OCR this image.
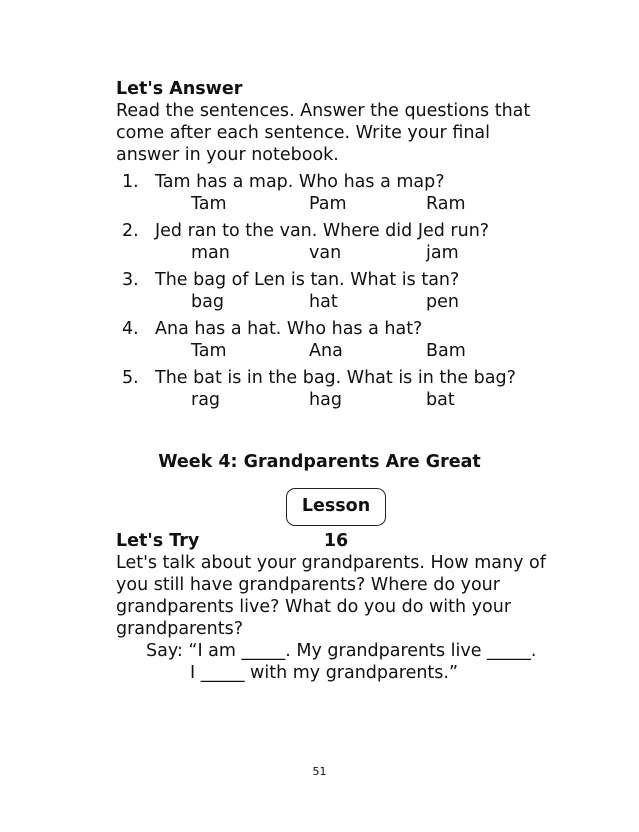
Let's Answer
Read the sentences. Answer the questions that come after each sentence. Write your final answer in your notebook.
1. Tam has a map. Who has a map?
Tam	Pam	Ram
2. Jed ran to the van. Where did Jed run?
man	van	jam
3. The bag of Len is tan. What is tan?
bag	hat	pen
4. Ana has a hat. Who has a hat?
Tam	Ana	Bam
5. The bat is in the bag. What is in the bag?
rag	hag	bat
Week 4: Grandparents Are Great
Lesson 16
Let's Try
Let's talk about your grandparents. How many of you still have grandparents? Where do your grandparents live? What do you do with your grandparents?
Say: “I am _____. My grandparents live _____.
I _____ with my grandparents.”
51
